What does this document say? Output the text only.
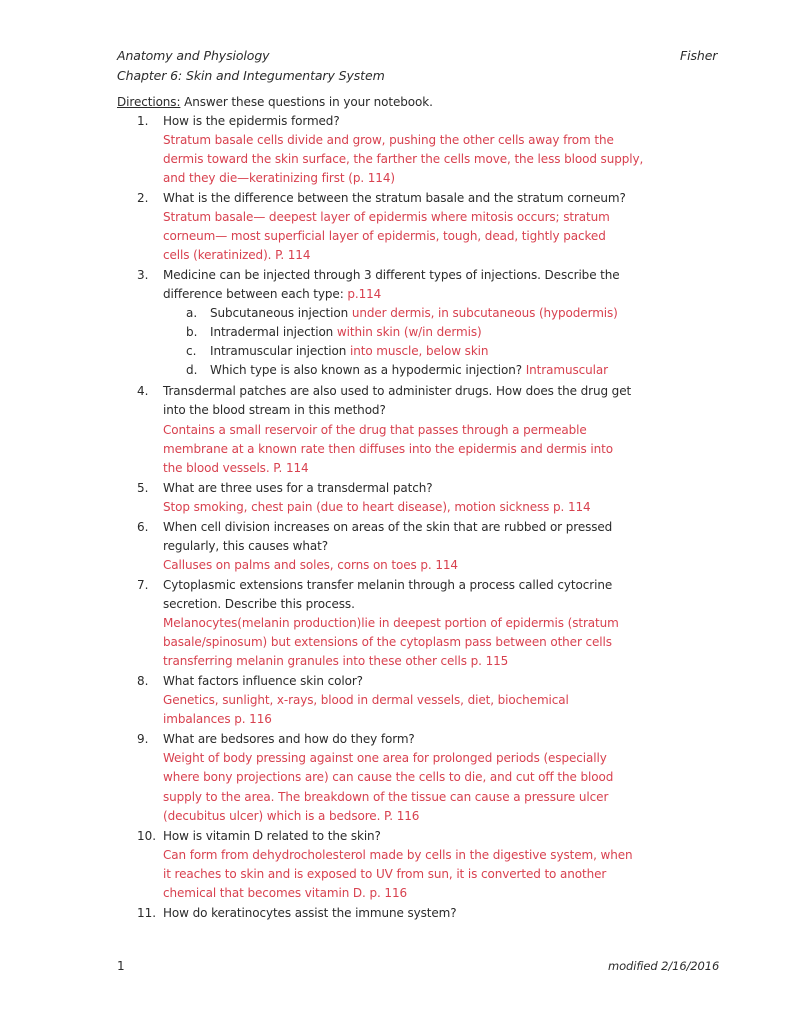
Anatomy and Physiology	Fisher
Chapter 6: Skin and Integumentary System
Directions: Answer these questions in your notebook.
1. How is the epidermis formed?
Stratum basale cells divide and grow, pushing the other cells away from the
dermis toward the skin surface, the farther the cells move, the less blood supply,
and they die—keratinizing first (p. 114)
2. What is the difference between the stratum basale and the stratum corneum?
Stratum basale— deepest layer of epidermis where mitosis occurs; stratum
corneum— most superficial layer of epidermis, tough, dead, tightly packed
cells (keratinized). P. 114
3. Medicine can be injected through 3 different types of injections. Describe the
difference between each type: p.114
a. Subcutaneous injection under dermis, in subcutaneous (hypodermis)
b. Intradermal injection within skin (w/in dermis)
c. Intramuscular injection into muscle, below skin
d. Which type is also known as a hypodermic injection? Intramuscular
4. Transdermal patches are also used to administer drugs. How does the drug get
into the blood stream in this method?
Contains a small reservoir of the drug that passes through a permeable
membrane at a known rate then diffuses into the epidermis and dermis into
the blood vessels. P. 114
5. What are three uses for a transdermal patch?
Stop smoking, chest pain (due to heart disease), motion sickness p. 114
6. When cell division increases on areas of the skin that are rubbed or pressed
regularly, this causes what?
Calluses on palms and soles, corns on toes p. 114
7. Cytoplasmic extensions transfer melanin through a process called cytocrine
secretion. Describe this process.
Melanocytes(melanin production)lie in deepest portion of epidermis (stratum
basale/spinosum) but extensions of the cytoplasm pass between other cells
transferring melanin granules into these other cells p. 115
8. What factors influence skin color?
Genetics, sunlight, x-rays, blood in dermal vessels, diet, biochemical
imbalances p. 116
9. What are bedsores and how do they form?
Weight of body pressing against one area for prolonged periods (especially
where bony projections are) can cause the cells to die, and cut off the blood
supply to the area. The breakdown of the tissue can cause a pressure ulcer
(decubitus ulcer) which is a bedsore. P. 116
10. How is vitamin D related to the skin?
Can form from dehydrocholesterol made by cells in the digestive system, when
it reaches to skin and is exposed to UV from sun, it is converted to another
chemical that becomes vitamin D. p. 116
11. How do keratinocytes assist the immune system?
1	modified 2/16/2016
